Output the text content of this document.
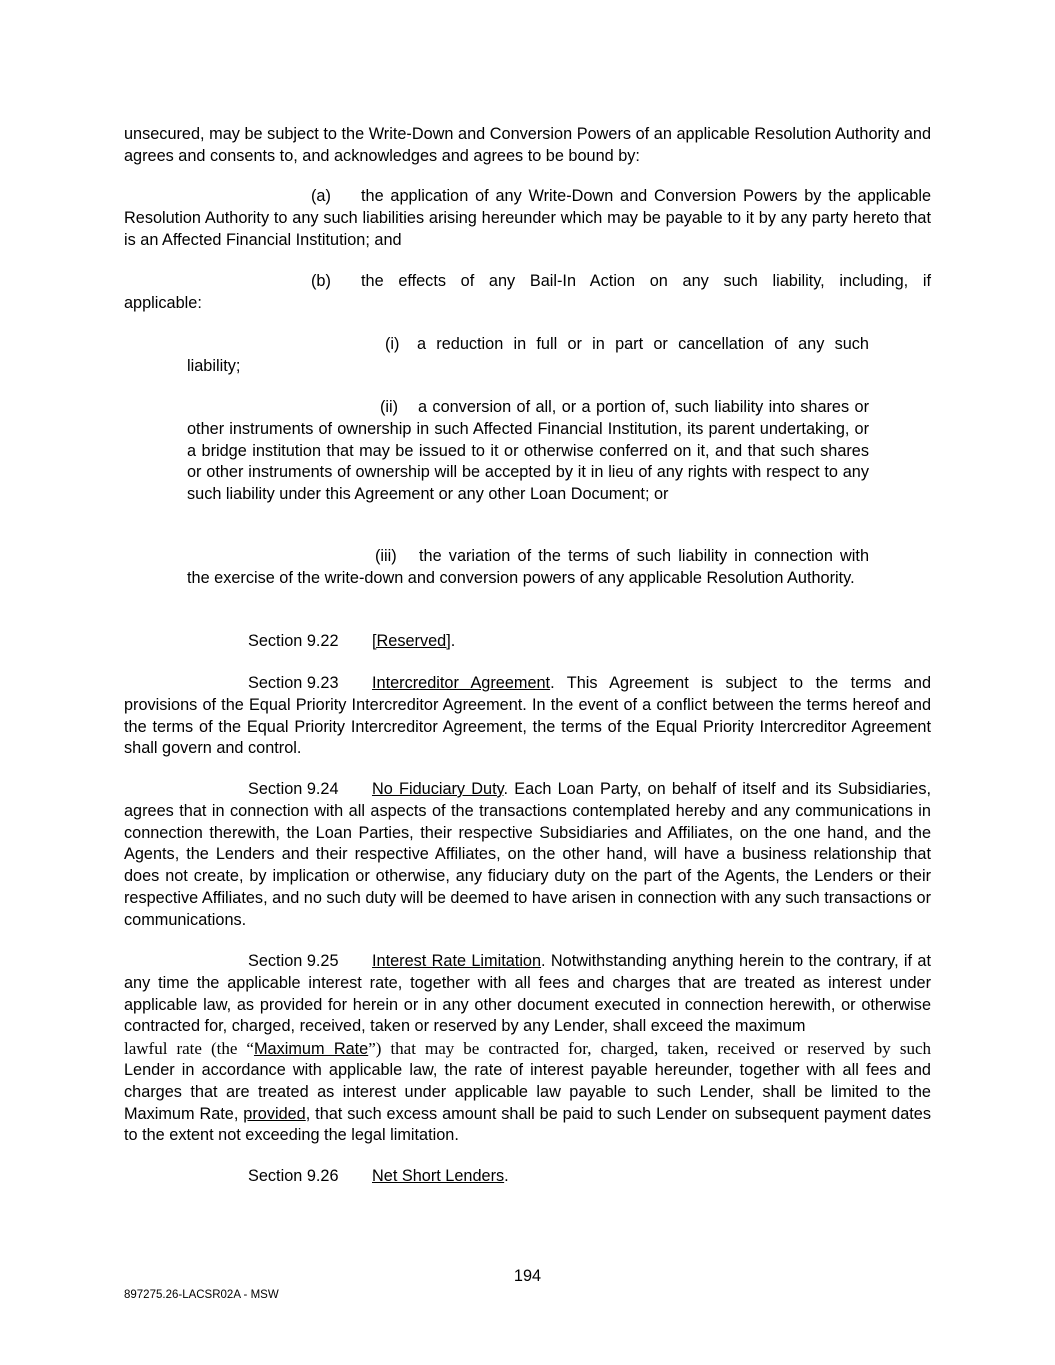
unsecured, may be subject to the Write-Down and Conversion Powers of an applicable Resolution Authority and agrees and consents to, and acknowledges and agrees to be bound by:

(a) the application of any Write-Down and Conversion Powers by the applicable Resolution Authority to any such liabilities arising hereunder which may be payable to it by any party hereto that is an Affected Financial Institution; and

(b) the effects of any Bail-In Action on any such liability, including, if

applicable:

(i) a reduction in full or in part or cancellation of any such

liability;

(ii) a conversion of all, or a portion of, such liability into shares or other instruments of ownership in such Affected Financial Institution, its parent undertaking, or a bridge institution that may be issued to it or otherwise conferred on it, and that such shares or other instruments of ownership will be accepted by it in lieu of any rights with respect to any such liability under this Agreement or any other Loan Document; or

(iii) the variation of the terms of such liability in connection with the exercise of the write-down and conversion powers of any applicable Resolution Authority.

Section 9.22 [Reserved].

Section 9.23 Intercreditor Agreement. This Agreement is subject to the terms and provisions of the Equal Priority Intercreditor Agreement. In the event of a conflict between the terms hereof and the terms of the Equal Priority Intercreditor Agreement, the terms of the Equal Priority Intercreditor Agreement shall govern and control.

Section 9.24 No Fiduciary Duty. Each Loan Party, on behalf of itself and its Subsidiaries, agrees that in connection with all aspects of the transactions contemplated hereby and any communications in connection therewith, the Loan Parties, their respective Subsidiaries and Affiliates, on the one hand, and the Agents, the Lenders and their respective Affiliates, on the other hand, will have a business relationship that does not create, by implication or otherwise, any fiduciary duty on the part of the Agents, the Lenders or their respective Affiliates, and no such duty will be deemed to have arisen in connection with any such transactions or communications.

Section 9.25 Interest Rate Limitation. Notwithstanding anything herein to the contrary, if at any time the applicable interest rate, together with all fees and charges that are treated as interest under applicable law, as provided for herein or in any other document executed in connection herewith, or otherwise contracted for, charged, received, taken or reserved by any Lender, shall exceed the maximum

lawful rate (the “Maximum Rate”) that may be contracted for, charged, taken, received or reserved by such

Lender in accordance with applicable law, the rate of interest payable hereunder, together with all fees and charges that are treated as interest under applicable law payable to such Lender, shall be limited to the Maximum Rate, provided, that such excess amount shall be paid to such Lender on subsequent payment dates to the extent not exceeding the legal limitation.

Section 9.26 Net Short Lenders.

194
897275.26-LACSR02A - MSW
